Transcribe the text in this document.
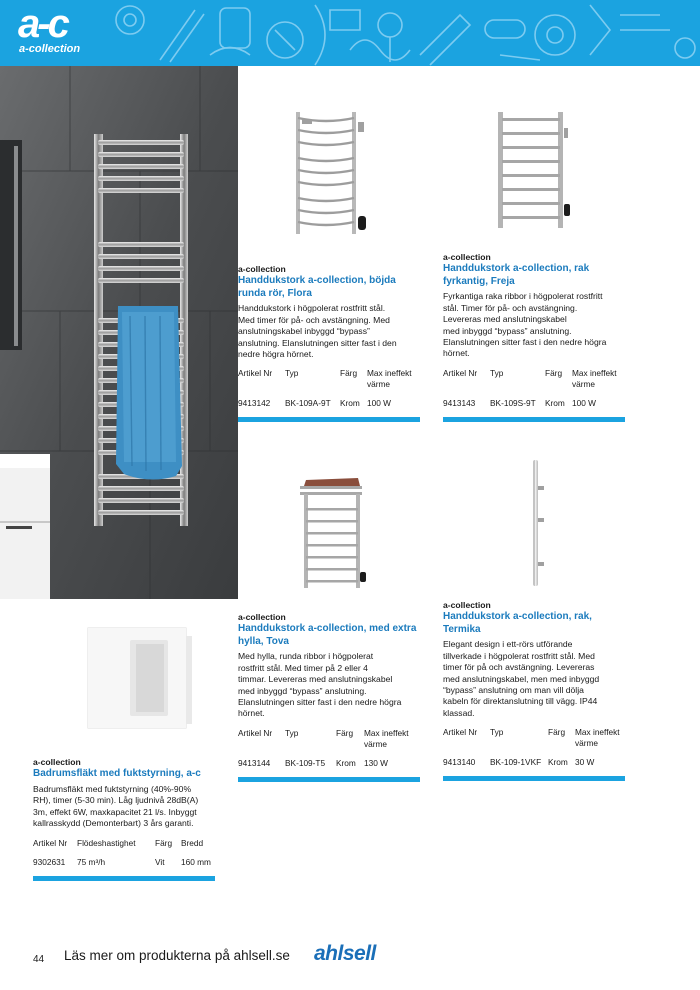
a-c
a-collection
a-collection
Handdukstork a-collection, böjda
runda rör, Flora
Handdukstork i högpolerat rostfritt stål.
Med timer för på- och avstängning. Med
anslutningskabel inbyggd “bypass”
anslutning. Elanslutningen sitter fast i den
nedre högra hörnet.
Artikel Nr	Typ	Färg	Max ineffekt värme
9413142	BK-109A-9T	Krom 100 W
a-collection
Handdukstork a-collection, rak
fyrkantig, Freja
Fyrkantiga raka ribbor i högpolerat rostfritt
stål. Timer för på- och avstängning.
Levereras med anslutningskabel
med inbyggd “bypass” anslutning.
Elanslutningen sitter fast i den nedre högra
hörnet.
Artikel Nr	Typ	Färg	Max ineffekt värme
9413143	BK-109S-9T	Krom 100 W
a-collection
Handdukstork a-collection, med extra
hylla, Tova
Med hylla, runda ribbor i högpolerat
rostfritt stål. Med timer på 2 eller 4
timmar. Levereras med anslutningskabel
med inbyggd “bypass” anslutning.
Elanslutningen sitter fast i den nedre högra
hörnet.
Artikel Nr	Typ	Färg	Max ineffekt värme
9413144	BK-109-T5	Krom 130 W
a-collection
Handdukstork a-collection, rak,
Termika
Elegant design i ett-rörs utförande
tillverkade i högpolerat rostfritt stål. Med
timer för på och avstängning. Levereras
med anslutningskabel, men med inbyggd
“bypass” anslutning om man vill dölja
kabeln för direktanslutning till vägg. IP44
klassad.
Artikel Nr	Typ	Färg	Max ineffekt värme
9413140	BK-109-1VKF Krom 30 W
a-collection
Badrumsfläkt med fuktstyrning, a-c
Badrumsfläkt med fuktstyrning (40%-90%
RH), timer (5-30 min). Låg ljudnivå 28dB(A)
3m, effekt 6W, maxkapacitet 21 l/s. Inbyggt
kallrasskydd (Demonterbart) 3 års garanti.
Artikel Nr	Flödeshastighet	Färg	Bredd
9302631	75 m³/h	Vit	160 mm
44 Läs mer om produkterna på ahlsell.se ahlsell
